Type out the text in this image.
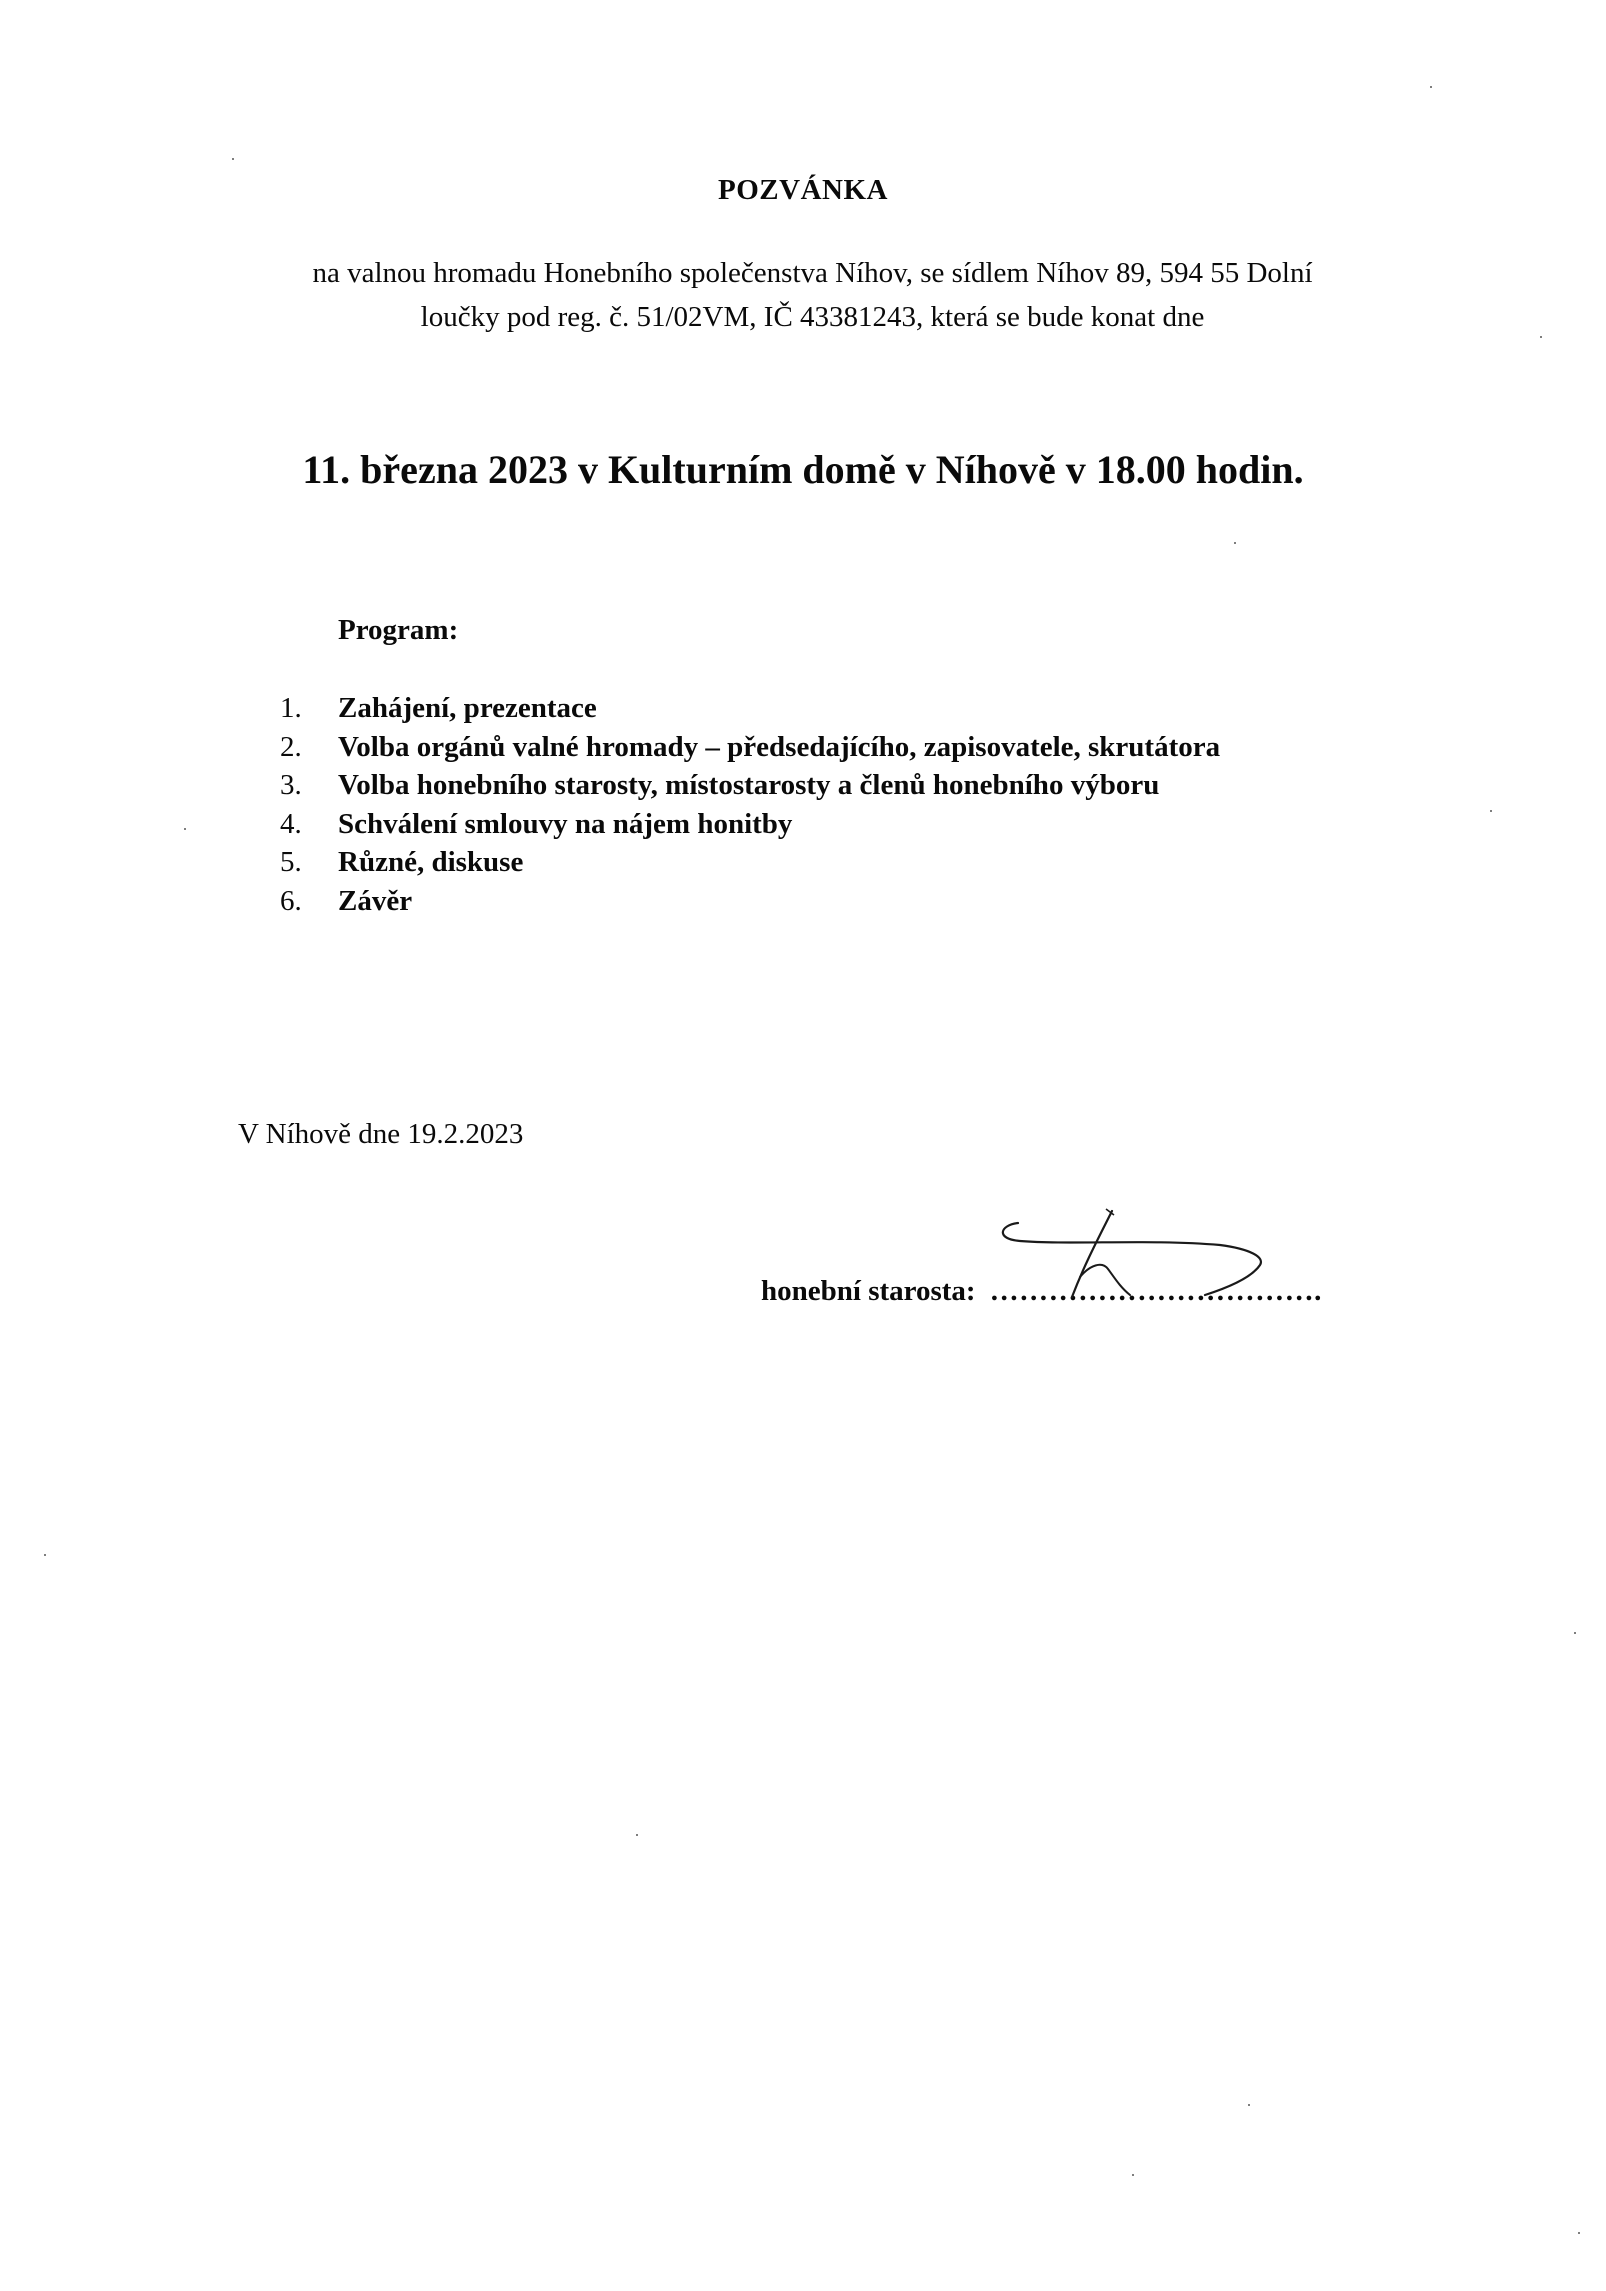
POZVÁNKA
na valnou hromadu Honebního společenstva Níhov, se sídlem Níhov 89, 594 55 Dolní
loučky pod reg. č. 51/02VM, IČ 43381243, která se bude konat dne
11. března 2023 v Kulturním domě v Níhově v 18.00 hodin.
Program:
1.	Zahájení, prezentace
2.	Volba orgánů valné hromady – předsedajícího, zapisovatele, skrutátora
3.	Volba honebního starosty, místostarosty a členů honebního výboru
4.	Schválení smlouvy na nájem honitby
5.	Různé, diskuse
6.	Závěr
V Níhově dne 19.2.2023
honební starosta: …………………………….
